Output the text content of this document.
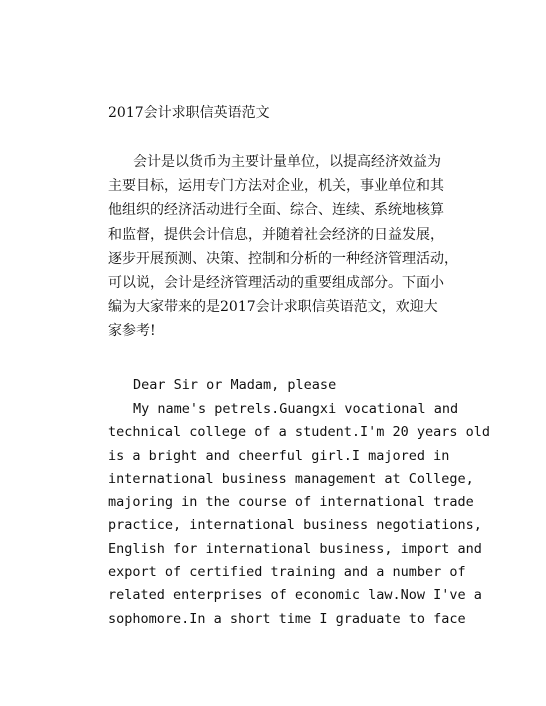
2017会计求职信英语范文
会计是以货币为主要计量单位，以提高经济效益为
主要目标，运用专门方法对企业，机关，事业单位和其
他组织的经济活动进行全面、综合、连续、系统地核算
和监督，提供会计信息，并随着社会经济的日益发展，
逐步开展预测、决策、控制和分析的一种经济管理活动，
可以说，会计是经济管理活动的重要组成部分。下面小
编为大家带来的是2017会计求职信英语范文，欢迎大
家参考!
Dear Sir or Madam, please
My name's petrels.Guangxi vocational and
technical college of a student.I'm 20 years old
is a bright and cheerful girl.I majored in
international business management at College,
majoring in the course of international trade
practice, international business negotiations,
English for international business, import and
export of certified training and a number of
related enterprises of economic law.Now I've a
sophomore.In a short time I graduate to face
